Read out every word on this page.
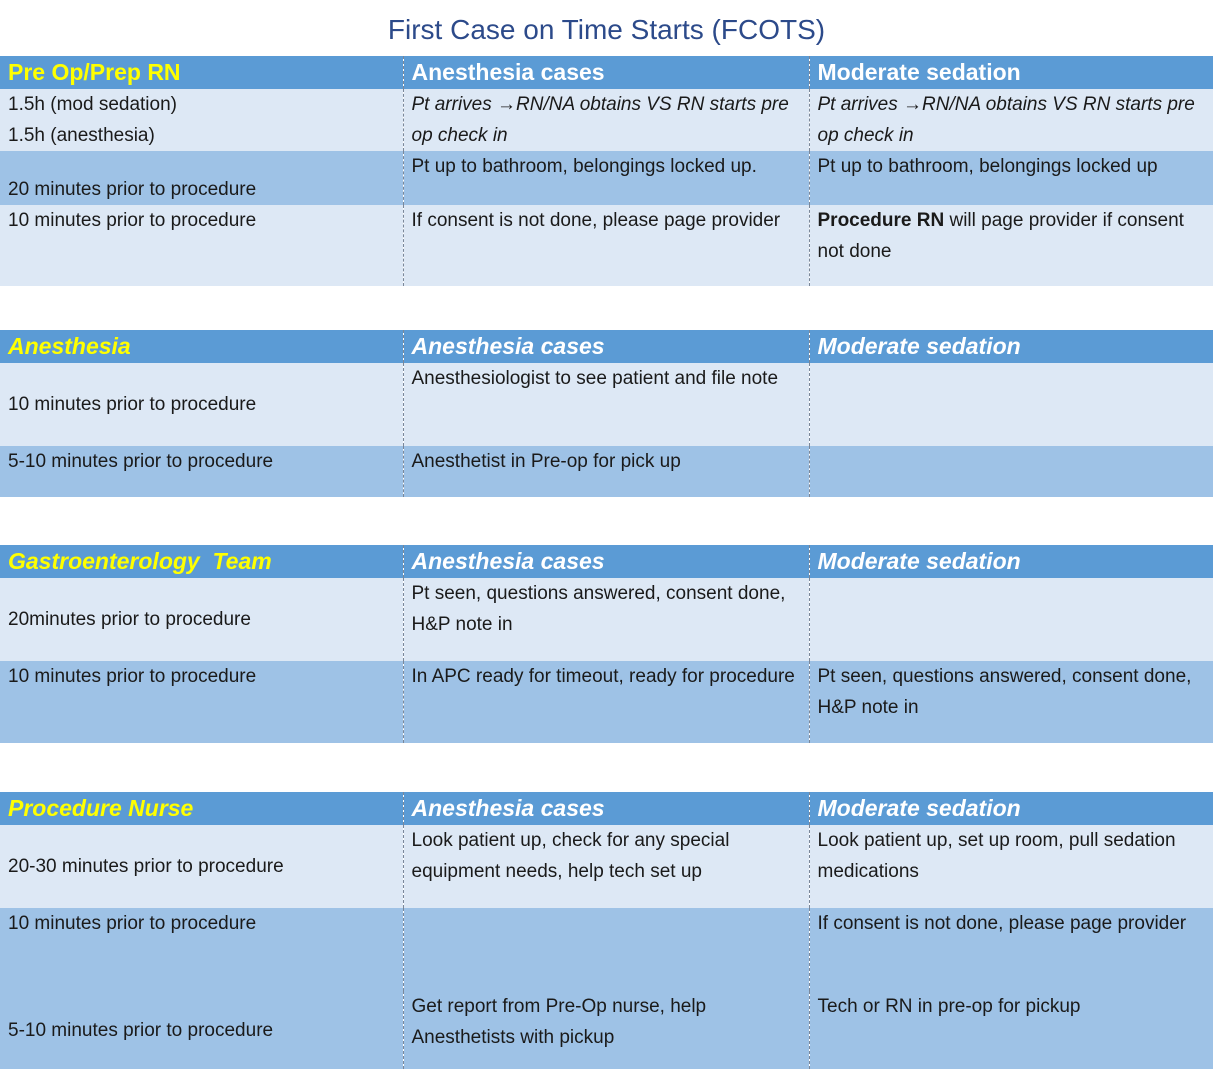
First Case on Time Starts (FCOTS)
Pre Op/Prep RN	Anesthesia cases	Moderate sedation

1.5h (mod sedation)
1.5h (anesthesia)	Pt arrives →RN/NA obtains VS RN starts pre op check in	Pt arrives →RN/NA obtains VS RN starts pre op check in
20 minutes prior to procedure	Pt up to bathroom, belongings locked up.	Pt up to bathroom, belongings locked up
10 minutes prior to procedure	If consent is not done, please page provider	Procedure RN will page provider if consent not done
Anesthesia	Anesthesia cases	Moderate sedation
10 minutes prior to procedure	Anesthesiologist to see patient and file note	
5-10 minutes prior to procedure	Anesthetist in Pre-op for pick up	
Gastroenterology  Team	Anesthesia cases	Moderate sedation
20minutes prior to procedure	Pt seen, questions answered, consent done, H&P note in	
10 minutes prior to procedure	In APC ready for timeout, ready for procedure	Pt seen, questions answered, consent done, H&P note in
Procedure Nurse	Anesthesia cases	Moderate sedation
20-30 minutes prior to procedure	Look patient up, check for any special equipment needs, help tech set up	Look patient up, set up room, pull sedation medications
10 minutes prior to procedure		If consent is not done, please page provider
5-10 minutes prior to procedure	Get report from Pre-Op nurse, help Anesthetists with pickup	Tech or RN in pre-op for pickup
